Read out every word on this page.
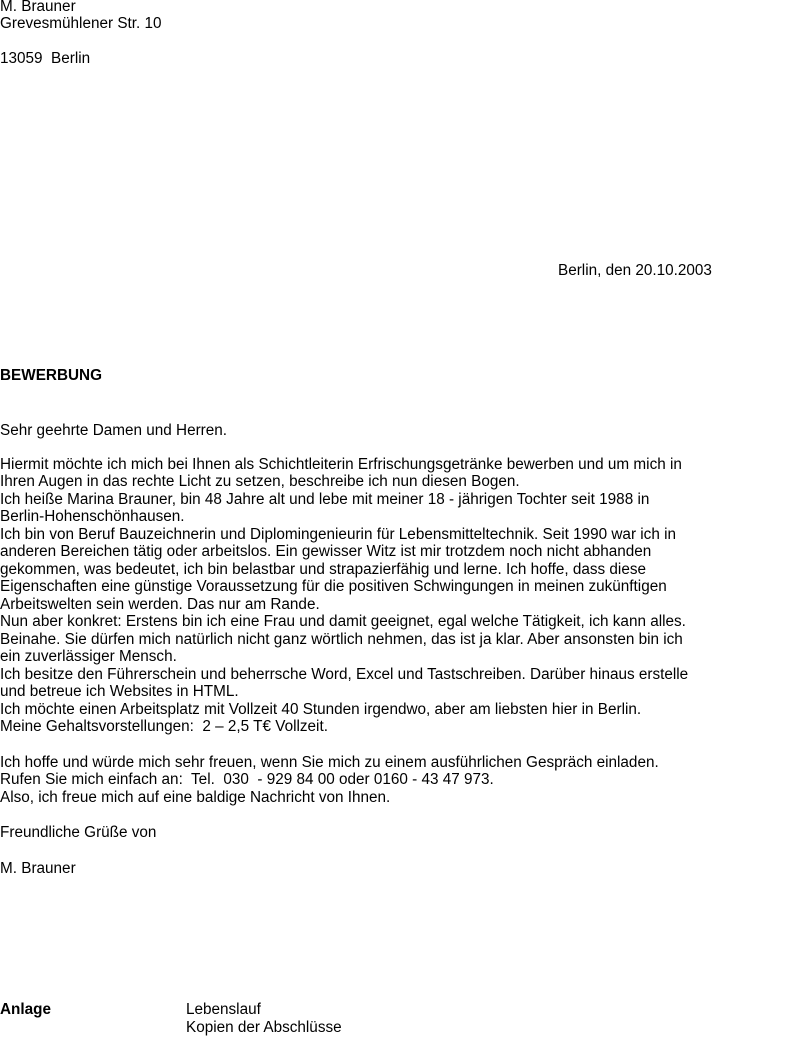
M. Brauner
Grevesmühlener Str. 10
13059  Berlin
Berlin, den 20.10.2003
BEWERBUNG
Sehr geehrte Damen und Herren.
Hiermit möchte ich mich bei Ihnen als Schichtleiterin Erfrischungsgetränke bewerben und um mich in
Ihren Augen in das rechte Licht zu setzen, beschreibe ich nun diesen Bogen.
Ich heiße Marina Brauner, bin 48 Jahre alt und lebe mit meiner 18 - jährigen Tochter seit 1988 in
Berlin-Hohenschönhausen.
Ich bin von Beruf Bauzeichnerin und Diplomingenieurin für Lebensmitteltechnik. Seit 1990 war ich in
anderen Bereichen tätig oder arbeitslos. Ein gewisser Witz ist mir trotzdem noch nicht abhanden
gekommen, was bedeutet, ich bin belastbar und strapazierfähig und lerne. Ich hoffe, dass diese
Eigenschaften eine günstige Voraussetzung für die positiven Schwingungen in meinen zukünftigen
Arbeitswelten sein werden. Das nur am Rande.
Nun aber konkret: Erstens bin ich eine Frau und damit geeignet, egal welche Tätigkeit, ich kann alles.
Beinahe. Sie dürfen mich natürlich nicht ganz wörtlich nehmen, das ist ja klar. Aber ansonsten bin ich
ein zuverlässiger Mensch.
Ich besitze den Führerschein und beherrsche Word, Excel und Tastschreiben. Darüber hinaus erstelle
und betreue ich Websites in HTML.
Ich möchte einen Arbeitsplatz mit Vollzeit 40 Stunden irgendwo, aber am liebsten hier in Berlin.
Meine Gehaltsvorstellungen:  2 – 2,5 T€ Vollzeit.
Ich hoffe und würde mich sehr freuen, wenn Sie mich zu einem ausführlichen Gespräch einladen.
Rufen Sie mich einfach an:  Tel.  030  - 929 84 00 oder 0160 - 43 47 973.
Also, ich freue mich auf eine baldige Nachricht von Ihnen.
Freundliche Grüße von
M. Brauner
Anlage	Lebenslauf
Kopien der Abschlüsse
